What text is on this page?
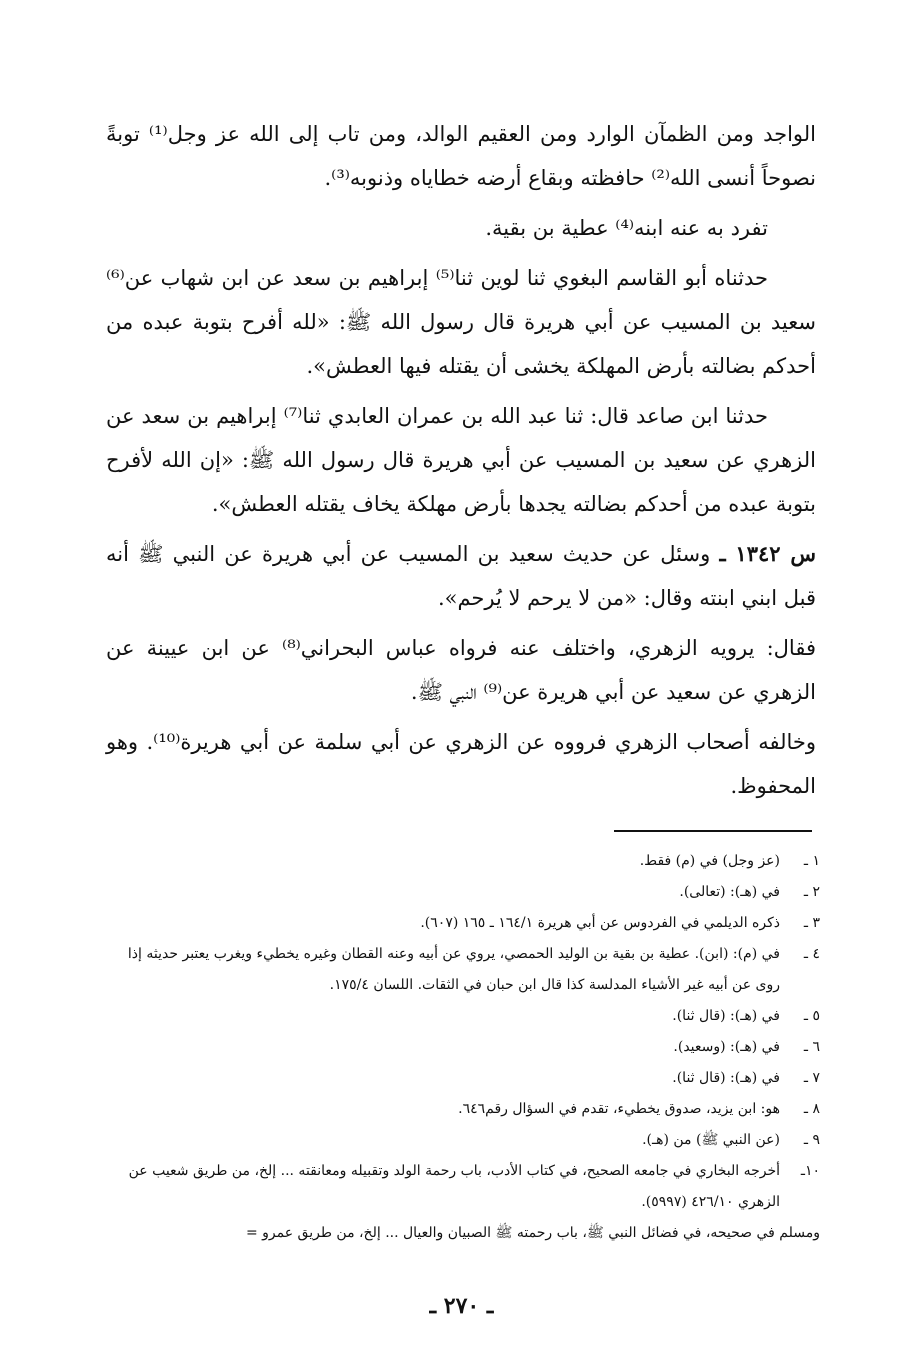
الواجد ومن الظمآن الوارد ومن العقيم الوالد، ومن تاب إلى الله عز وجل⁽¹⁾ توبةً نصوحاً أنسى الله⁽²⁾ حافظته وبقاع أرضه خطاياه وذنوبه⁽³⁾.

تفرد به عنه ابنه⁽⁴⁾ عطية بن بقية.

حدثناه أبو القاسم البغوي ثنا لوين ثنا⁽⁵⁾ إبراهيم بن سعد عن ابن شهاب عن⁽⁶⁾ سعيد بن المسيب عن أبي هريرة قال رسول الله ﷺ: «لله أفرح بتوبة عبده من أحدكم بضالته بأرض المهلكة يخشى أن يقتله فيها العطش».

حدثنا ابن صاعد قال: ثنا عبد الله بن عمران العابدي ثنا⁽⁷⁾ إبراهيم بن سعد عن الزهري عن سعيد بن المسيب عن أبي هريرة قال رسول الله ﷺ: «إن الله لأفرح بتوبة عبده من أحدكم بضالته يجدها بأرض مهلكة يخاف يقتله العطش».

س ١٣٤٢ ـ وسئل عن حديث سعيد بن المسيب عن أبي هريرة عن النبي ﷺ أنه قبل ابني ابنته وقال: «من لا يرحم لا يُرحم».

فقال: يرويه الزهري، واختلف عنه فرواه عباس البحراني⁽⁸⁾ عن ابن عيينة عن الزهري عن سعيد عن أبي هريرة عن⁽⁹⁾ النبي ﷺ.

وخالفه أصحاب الزهري فرووه عن الزهري عن أبي سلمة عن أبي هريرة⁽¹⁰⁾. وهو المحفوظ.

١ ـ
(عز وجل) في (م) فقط.
٢ ـ
في (هـ): (تعالى).
٣ ـ
ذكره الديلمي في الفردوس عن أبي هريرة ١٦٤/١ ـ ١٦٥ (٦٠٧).
٤ ـ
في (م): (ابن). عطية بن بقية بن الوليد الحمصي، يروي عن أبيه وعنه القطان وغيره يخطيء ويغرب يعتبر حديثه إذا روى عن أبيه غير الأشياء المدلسة كذا قال ابن حبان في الثقات. اللسان ١٧٥/٤.
٥ ـ
في (هـ): (قال ثنا).
٦ ـ
في (هـ): (وسعيد).
٧ ـ
في (هـ): (قال ثنا).
٨ ـ
هو: ابن يزيد، صدوق يخطيء، تقدم في السؤال رقم٦٤٦.
٩ ـ
(عن النبي ﷺ) من (هـ).
١٠ـ
أخرجه البخاري في جامعه الصحيح، في كتاب الأدب، باب رحمة الولد وتقبيله ومعانقته ... إلخ، من طريق شعيب عن الزهري ٤٢٦/١٠ (٥٩٩٧).
ومسلم في صحيحه، في فضائل النبي ﷺ، باب رحمته ﷺ الصبيان والعيال ... إلخ، من طريق عمرو =
ـ ٢٧٠ ـ
